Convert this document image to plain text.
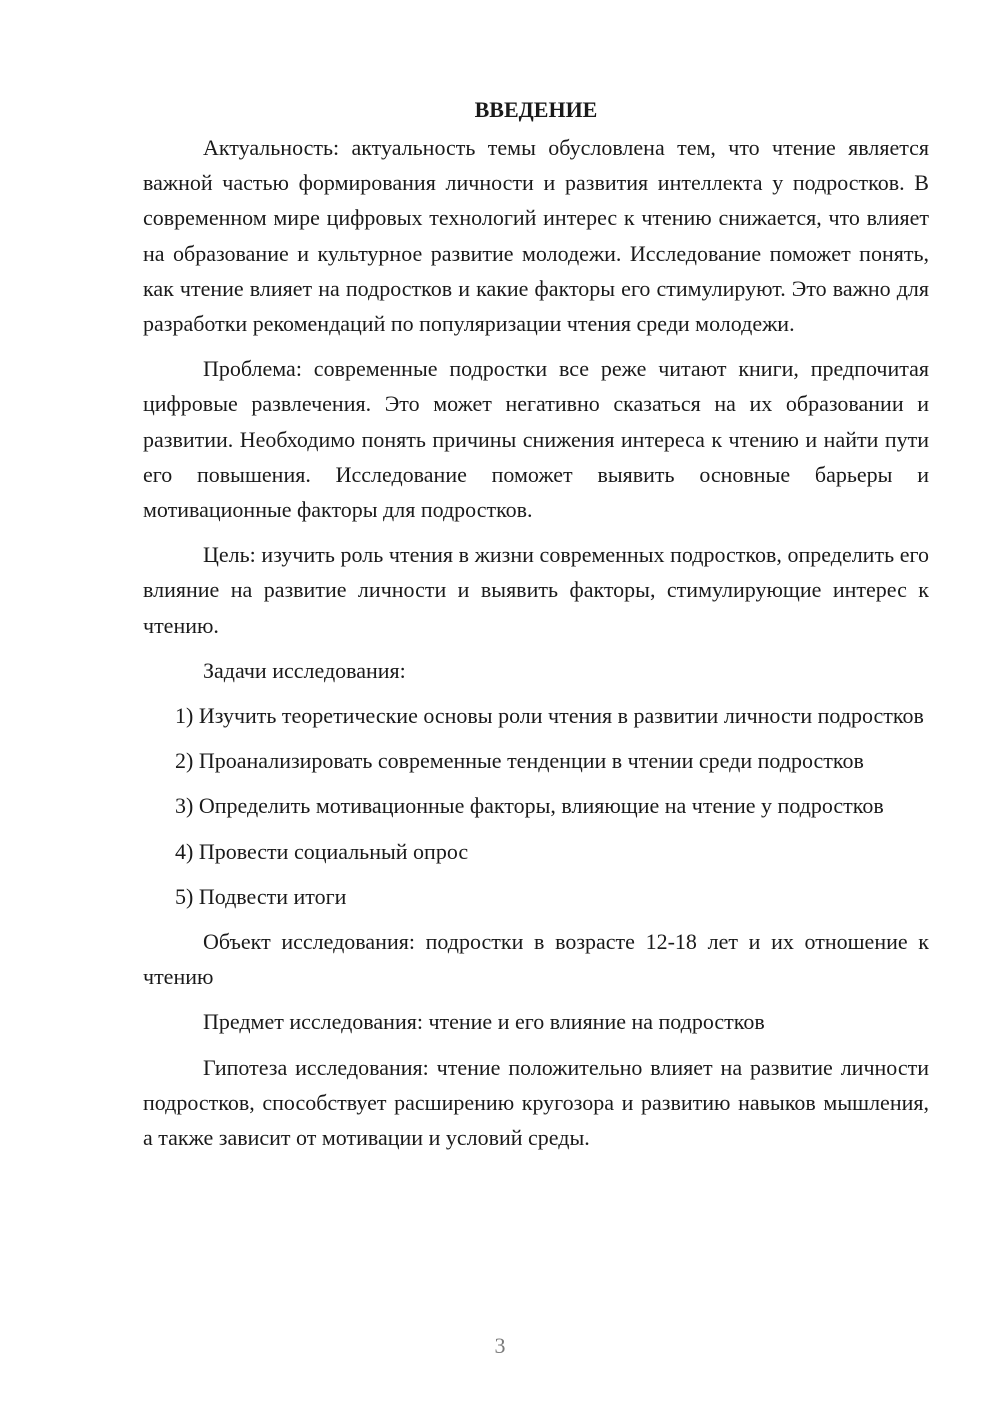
ВВЕДЕНИЕ

Актуальность: актуальность темы обусловлена тем, что чтение является важной частью формирования личности и развития интеллекта у подростков. В современном мире цифровых технологий интерес к чтению снижается, что влияет на образование и культурное развитие молодежи. Исследование поможет понять, как чтение влияет на подростков и какие факторы его стимулируют. Это важно для разработки рекомендаций по популяризации чтения среди молодежи.

Проблема: современные подростки все реже читают книги, предпочитая цифровые развлечения. Это может негативно сказаться на их образовании и развитии. Необходимо понять причины снижения интереса к чтению и найти пути его повышения. Исследование поможет выявить основные барьеры и мотивационные факторы для подростков.

Цель: изучить роль чтения в жизни современных подростков, определить его влияние на развитие личности и выявить факторы, стимулирующие интерес к чтению.

Задачи исследования:

1) Изучить теоретические основы роли чтения в развитии личности подростков

2) Проанализировать современные тенденции в чтении среди подростков

3) Определить мотивационные факторы, влияющие на чтение у подростков

4) Провести социальный опрос

5) Подвести итоги

Объект исследования: подростки в возрасте 12-18 лет и их отношение к чтению

Предмет исследования: чтение и его влияние на подростков

Гипотеза исследования: чтение положительно влияет на развитие личности подростков, способствует расширению кругозора и развитию навыков мышления, а также зависит от мотивации и условий среды.

3
